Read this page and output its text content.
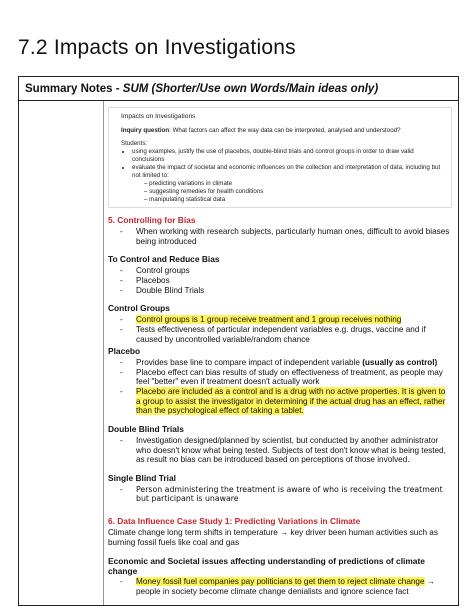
7.2 Impacts on Investigations
Summary Notes - SUM (Shorter/Use own Words/Main ideas only)
Impacts on Investigations
Inquiry question: What factors can affect the way data can be interpreted, analysed and understood?
Students:
• using examples, justify the use of placebos, double-blind trials and control groups in order to draw valid conclusions
• evaluate the impact of societal and economic influences on the collection and interpretation of data, including but not limited to:
– predicting variations in climate
– suggesting remedies for health conditions
– manipulating statistical data
5. Controlling for Bias
- When working with research subjects, particularly human ones, difficult to avoid biases being introduced
To Control and Reduce Bias
- Control groups
- Placebos
- Double Blind Trials
Control Groups
- Control groups is 1 group receive treatment and 1 group receives nothing
- Tests effectiveness of particular independent variables e.g. drugs, vaccine and if caused by uncontrolled variable/random chance
Placebo
- Provides base line to compare impact of independent variable (usually as control)
- Placebo effect can bias results of study on effectiveness of treatment, as people may feel "better" even if treatment doesn't actually work
- Placebo are included as a control and is a drug with no active properties. It is given to a group to assist the investigator in determining if the actual drug has an effect, rather than the psychological effect of taking a tablet.
Double Blind Trials
- Investigation designed/planned by scientist, but conducted by another administrator who doesn't know what being tested. Subjects of test don't know what is being tested, as result no bias can be introduced based on perceptions of those involved.
Single Blind Trial
- Person administering the treatment is aware of who is receiving the treatment but participant is unaware
6. Data Influence Case Study 1: Predicting Variations in Climate
Climate change long term shifts in temperature → key driver been human activities such as burning fossil fuels like coal and gas
Economic and Societal issues affecting understanding of predictions of climate change
- Money fossil fuel companies pay politicians to get them to reject climate change → people in society become climate change denialists and ignore science fact
